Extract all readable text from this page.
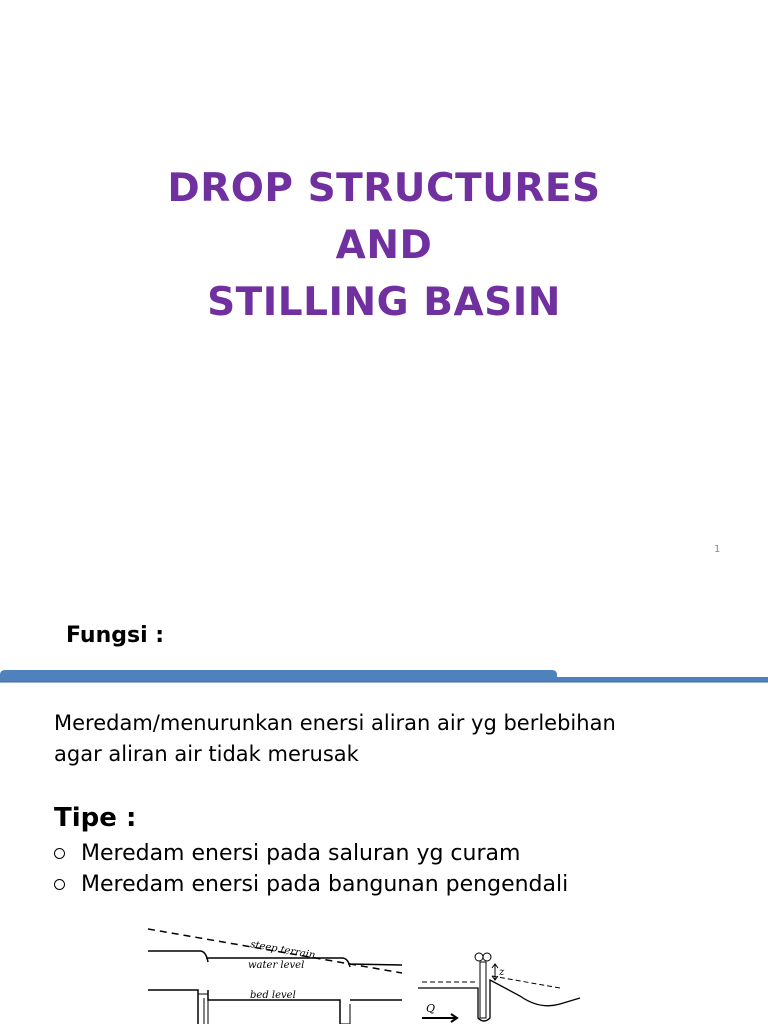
DROP STRUCTURES
AND
STILLING BASIN
1
Fungsi :
Meredam/menurunkan enersi aliran air yg berlebihan
agar aliran air tidak merusak
Tipe :
Meredam enersi pada saluran yg curam
Meredam enersi pada bangunan pengendali
steep terrain
water level
bed level
z
Q
